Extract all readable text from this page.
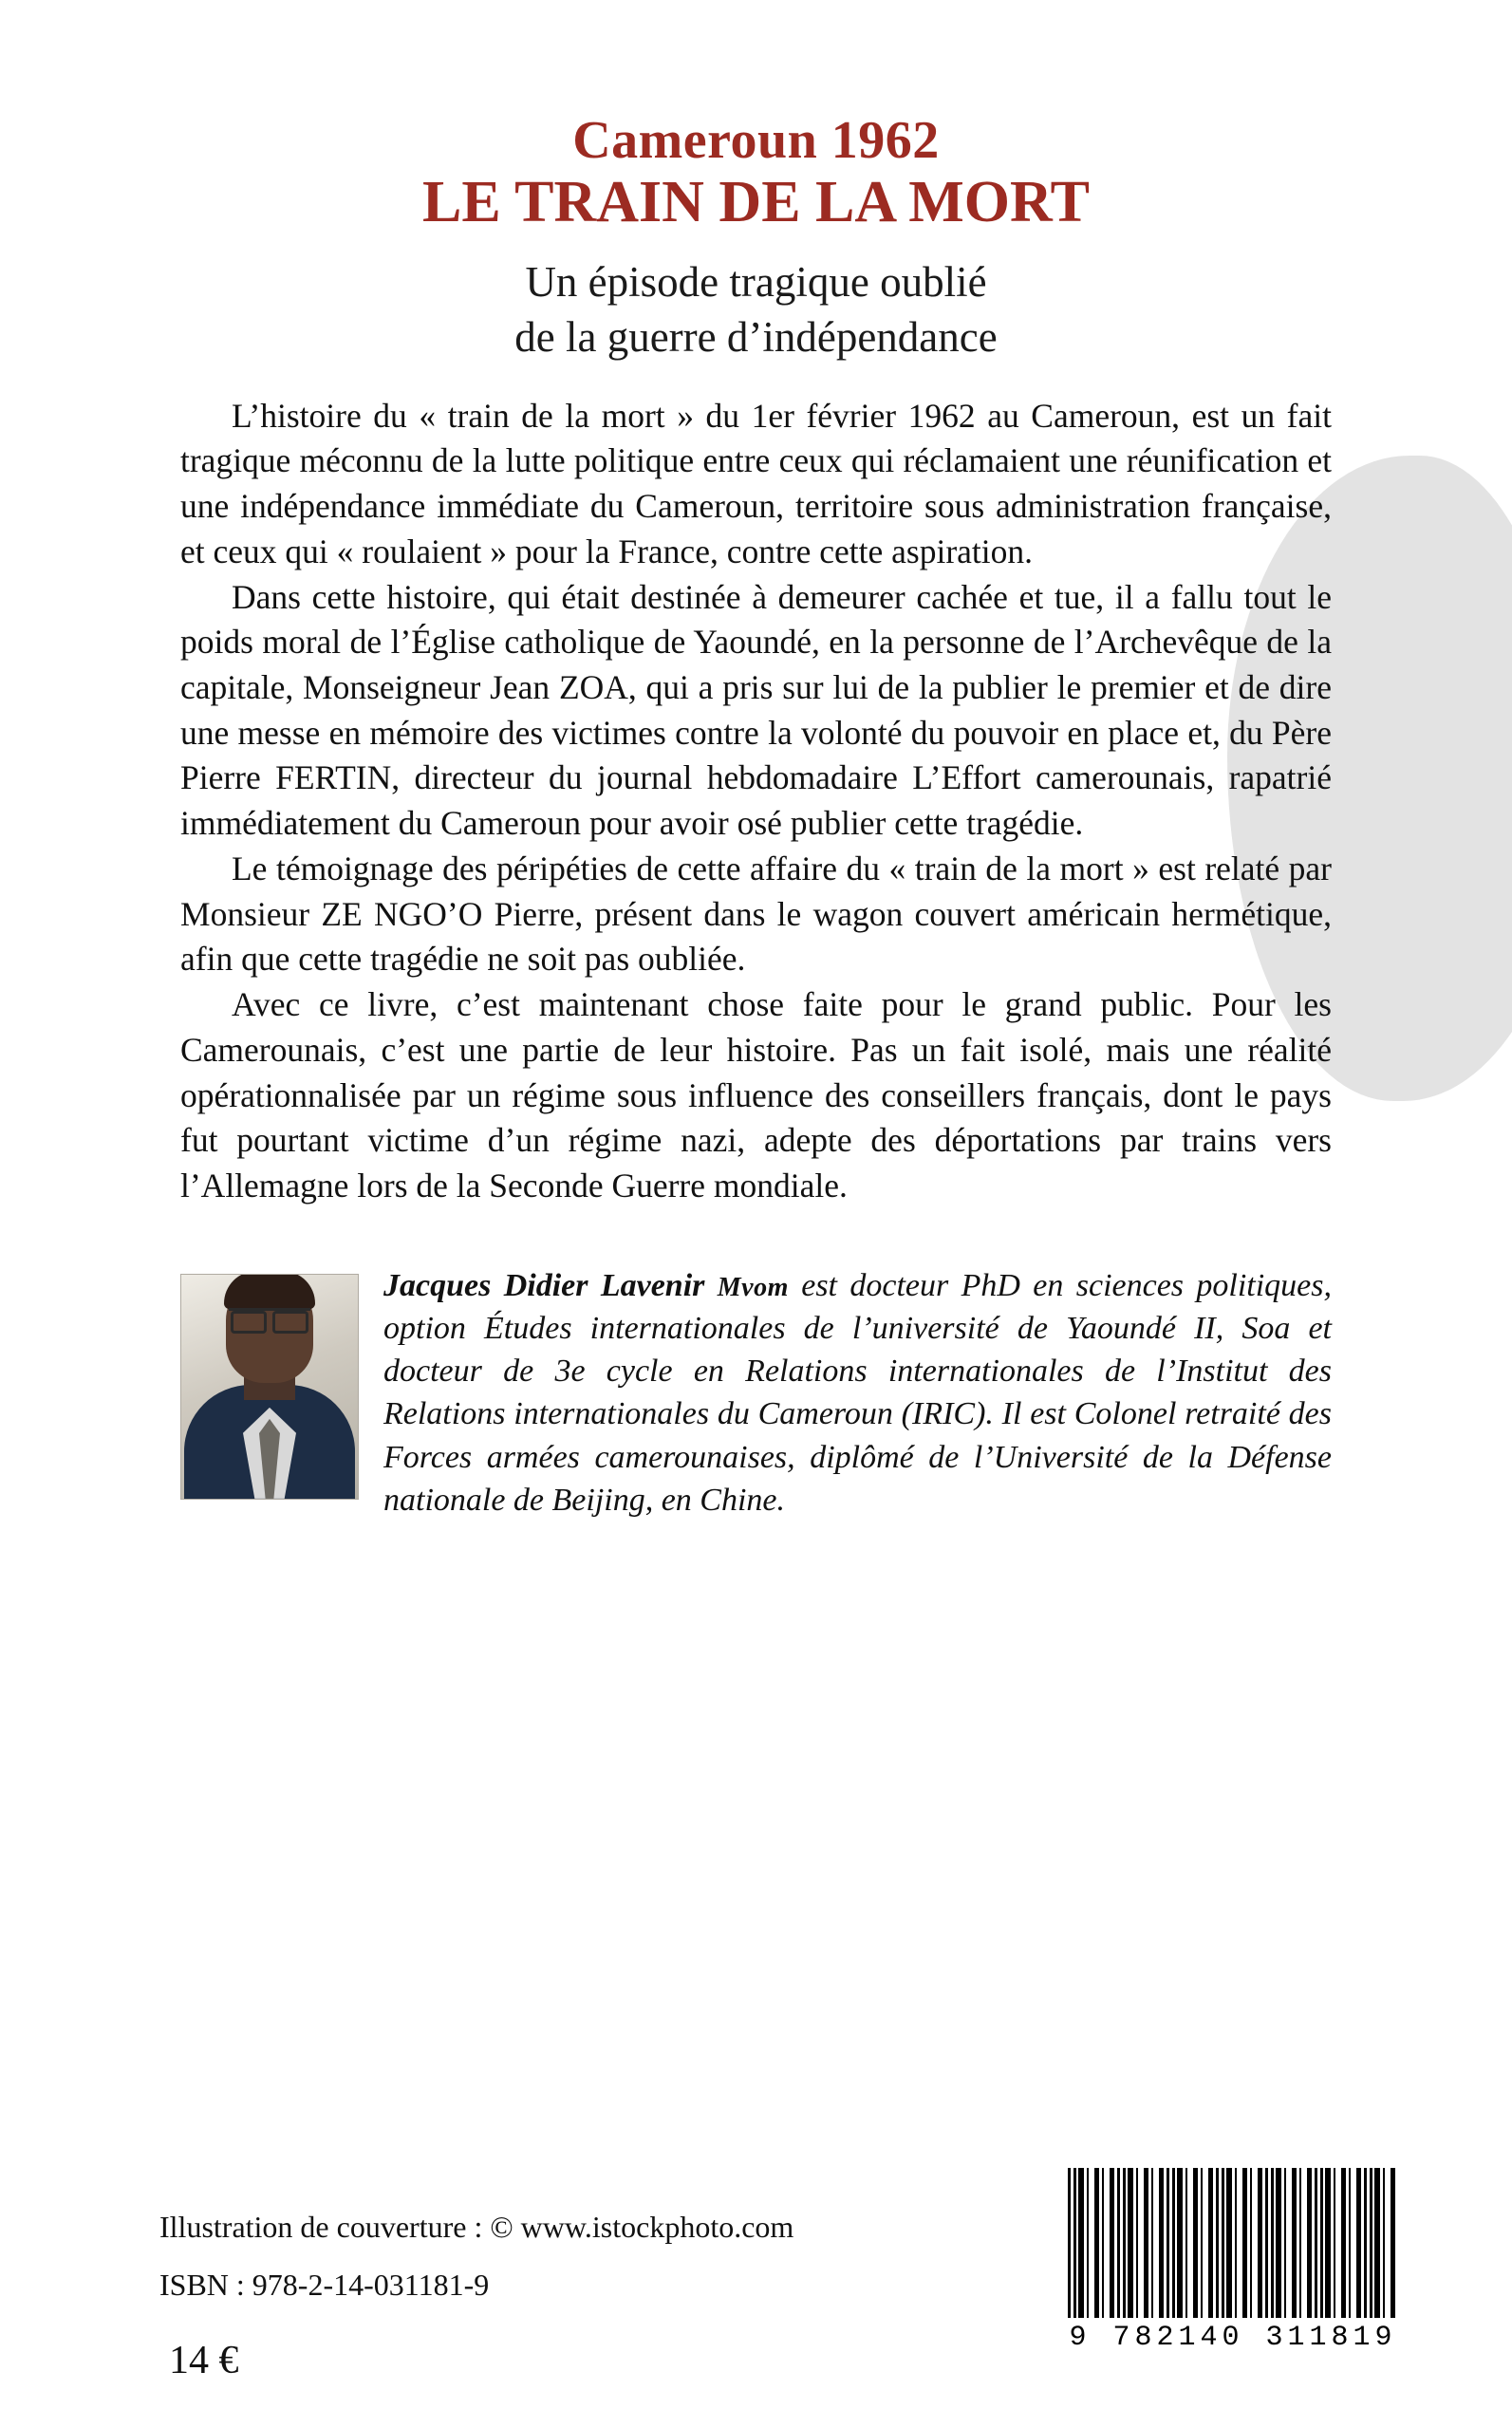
Cameroun 1962
LE TRAIN DE LA MORT
Un épisode tragique oublié
de la guerre d’indépendance

L’histoire du « train de la mort » du 1er février 1962 au Cameroun, est un fait tragique méconnu de la lutte politique entre ceux qui réclamaient une réunification et une indépendance immédiate du Cameroun, territoire sous administration française, et ceux qui « roulaient » pour la France, contre cette aspiration.

Dans cette histoire, qui était destinée à demeurer cachée et tue, il a fallu tout le poids moral de l’Église catholique de Yaoundé, en la personne de l’Archevêque de la capitale, Monseigneur Jean ZOA, qui a pris sur lui de la publier le premier et de dire une messe en mémoire des victimes contre la volonté du pouvoir en place et, du Père Pierre FERTIN, directeur du journal hebdomadaire L’Effort camerounais, rapatrié immédiatement du Cameroun pour avoir osé publier cette tragédie.

Le témoignage des péripéties de cette affaire du « train de la mort » est relaté par Monsieur ZE NGO’O Pierre, présent dans le wagon couvert américain hermétique, afin que cette tragédie ne soit pas oubliée.

Avec ce livre, c’est maintenant chose faite pour le grand public. Pour les Camerounais, c’est une partie de leur histoire. Pas un fait isolé, mais une réalité opérationnalisée par un régime sous influence des conseillers français, dont le pays fut pourtant victime d’un régime nazi, adepte des déportations par trains vers l’Allemagne lors de la Seconde Guerre mondiale.

Jacques Didier Lavenir Mvom est docteur PhD en sciences politiques, option Études internationales de l’université de Yaoundé II, Soa et docteur de 3e cycle en Relations internationales de l’Institut des Relations internationales du Cameroun (IRIC). Il est Colonel retraité des Forces armées camerounaises, diplômé de l’Université de la Défense nationale de Beijing, en Chine.
Illustration de couverture : © www.istockphoto.com
ISBN : 978-2-14-031181-9
14 €
9 782140 311819
